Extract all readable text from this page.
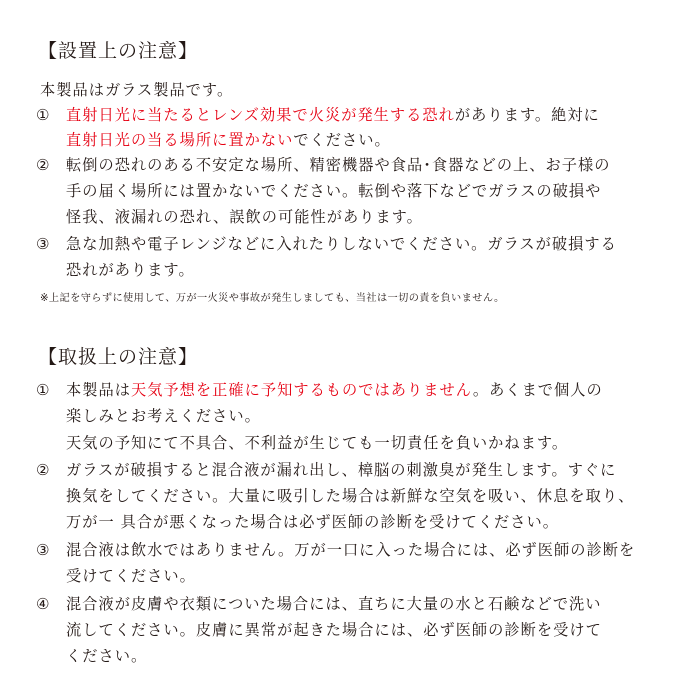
【設置上の注意】
本製品はガラス製品です。
① 直射日光に当たるとレンズ効果で火災が発生する恐れがあります。絶対に
直射日光の当る場所に置かないでください。
② 転倒の恐れのある不安定な場所、精密機器や食品･食器などの上、お子様の
手の届く場所には置かないでください。転倒や落下などでガラスの破損や
怪我、液漏れの恐れ、誤飲の可能性があります。
③ 急な加熱や電子レンジなどに入れたりしないでください。ガラスが破損する
恐れがあります。
※上記を守らずに使用して、万が一火災や事故が発生しましても、当社は一切の責を負いません。
【取扱上の注意】
① 本製品は天気予想を正確に予知するものではありません。あくまで個人の
楽しみとお考えください。
天気の予知にて不具合、不利益が生じても一切責任を負いかねます。
② ガラスが破損すると混合液が漏れ出し、樟脳の刺激臭が発生します。すぐに
換気をしてください。大量に吸引した場合は新鮮な空気を吸い、休息を取り、
万が一 具合が悪くなった場合は必ず医師の診断を受けてください。
③ 混合液は飲水ではありません。万が一口に入った場合には、必ず医師の診断を
受けてください。
④ 混合液が皮膚や衣類についた場合には、直ちに大量の水と石鹸などで洗い
流してください。皮膚に異常が起きた場合には、必ず医師の診断を受けて
ください。
